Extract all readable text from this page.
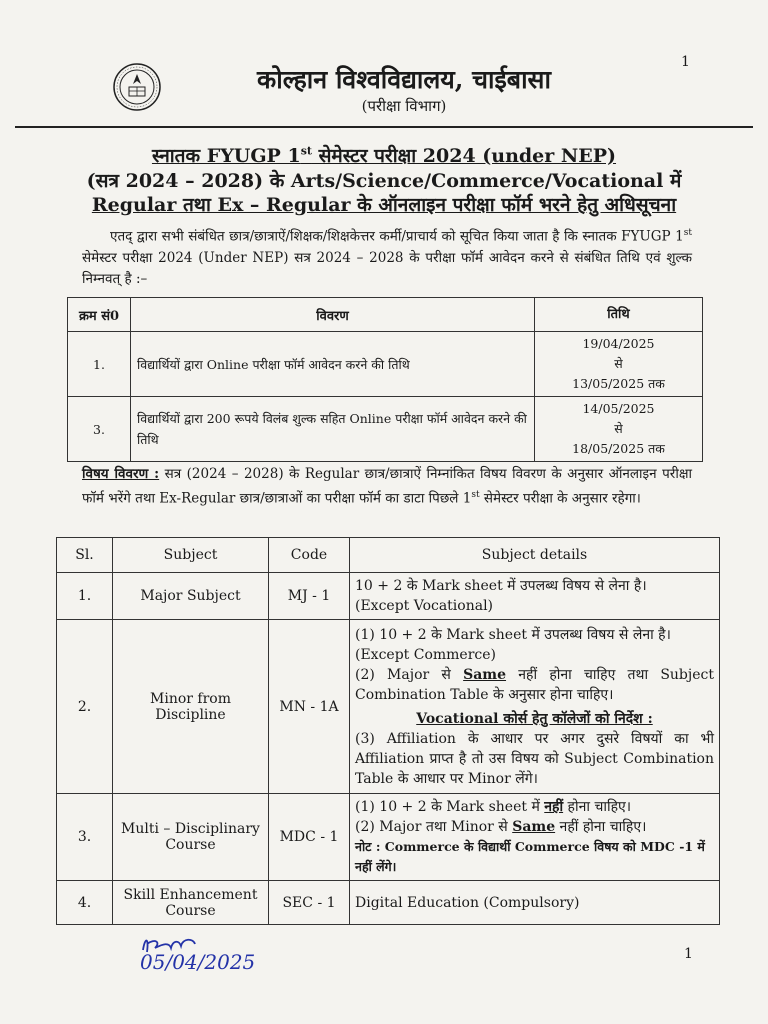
1
कोल्हान विश्वविद्यालय, चाईबासा
(परीक्षा विभाग)
स्नातक FYUGP 1st सेमेस्टर परीक्षा 2024 (under NEP)
(सत्र 2024 – 2028) के Arts/Science/Commerce/Vocational में
Regular तथा Ex – Regular के ऑनलाइन परीक्षा फॉर्म भरने हेतु अधिसूचना
एतद् द्वारा सभी संबंधित छात्र/छात्राऐं/शिक्षक/शिक्षकेत्तर कर्मी/प्राचार्य को सूचित किया जाता है कि स्नातक FYUGP 1st सेमेस्टर परीक्षा 2024 (Under NEP) सत्र 2024 – 2028 के परीक्षा फॉर्म आवेदन करने से संबंधित तिथि एवं शुल्क निम्नवत् है :–
क्रम सं0	विवरण	तिथि
1.	विद्यार्थियों द्वारा Online परीक्षा फॉर्म आवेदन करने की तिथि	19/04/2025
से
13/05/2025 तक

3.	विद्यार्थियों द्वारा 200 रूपये विलंब शुल्क सहित Online परीक्षा फॉर्म आवेदन करने की तिथि	14/05/2025
से
18/05/2025 तक
विषय विवरण : सत्र (2024 – 2028) के Regular छात्र/छात्राऐं निम्नांकित विषय विवरण के अनुसार ऑनलाइन परीक्षा फॉर्म भरेंगे तथा Ex-Regular छात्र/छात्राओं का परीक्षा फॉर्म का डाटा पिछले 1st सेमेस्टर परीक्षा के अनुसार रहेगा।
Sl.	Subject	Code	Subject details
1.	Major Subject	MJ - 1	10 + 2 के Mark sheet में उपलब्ध विषय से लेना है।
(Except Vocational)

2.	Minor from Discipline	MN - 1A	(1) 10 + 2 के Mark sheet में उपलब्ध विषय से लेना है।
(Except Commerce)
(2) Major से Same नहीं होना चाहिए तथा Subject Combination Table के अनुसार होना चाहिए।
Vocational कोर्स हेतु कॉलेजों को निर्देश :
(3) Affiliation के आधार पर अगर दुसरे विषयों का भी Affiliation प्राप्त है तो उस विषय को Subject Combination Table के आधार पर Minor लेंगे।

3.	Multi – Disciplinary Course	MDC - 1	(1) 10 + 2 के Mark sheet में नहीं होना चाहिए।
(2) Major तथा Minor से Same नहीं होना चाहिए।
नोट : Commerce के विद्यार्थी Commerce विषय को MDC -1 में नहीं लेंगे।

4.	Skill Enhancement Course	SEC - 1	Digital Education (Compulsory)
05/04/2025	1
